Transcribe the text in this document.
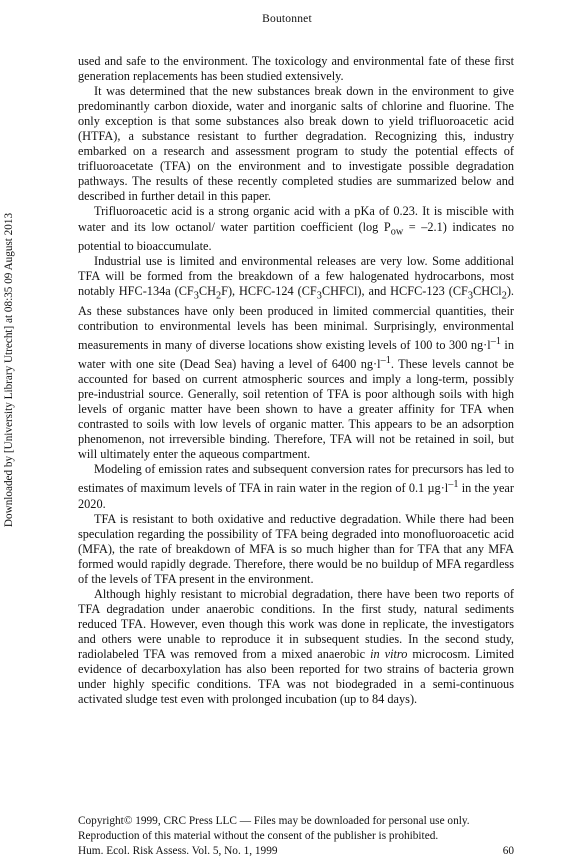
Boutonnet
Downloaded by [University Library Utrecht] at 08:35 09 August 2013

used and safe to the environment. The toxicology and environmental fate of these first generation replacements has been studied extensively.

It was determined that the new substances break down in the environment to give predominantly carbon dioxide, water and inorganic salts of chlorine and fluorine. The only exception is that some substances also break down to yield trifluoroacetic acid (HTFA), a substance resistant to further degradation. Recognizing this, industry embarked on a research and assessment program to study the potential effects of trifluoroacetate (TFA) on the environment and to investigate possible degradation pathways. The results of these recently completed studies are summarized below and described in further detail in this paper.

Trifluoroacetic acid is a strong organic acid with a pKa of 0.23. It is miscible with water and its low octanol/ water partition coefficient (log $P_{ow} = -2.1$) indicates no potential to bioaccumulate.

Industrial use is limited and environmental releases are very low. Some additional TFA will be formed from the breakdown of a few halogenated hydrocarbons, most notably HFC-134a $(CF_3CH_2F)$, HCFC-124 $(CF_3CHFCl)$, and HCFC-123 $(CF_3CHCl_2)$. As these substances have only been produced in limited commercial quantities, their contribution to environmental levels has been minimal. Surprisingly, environmental measurements in many of diverse locations show existing levels of 100 to 300 $ng\cdot l^{-1}$ in water with one site (Dead Sea) having a level of 6400 $ng\cdot l^{-1}$. These levels cannot be accounted for based on current atmospheric sources and imply a long-term, possibly pre-industrial source. Generally, soil retention of TFA is poor although soils with high levels of organic matter have been shown to have a greater affinity for TFA when contrasted to soils with low levels of organic matter. This appears to be an adsorption phenomenon, not irreversible binding. Therefore, TFA will not be retained in soil, but will ultimately enter the aqueous compartment.

Modeling of emission rates and subsequent conversion rates for precursors has led to estimates of maximum levels of TFA in rain water in the region of 0.1 $\mu g\cdot l^{-1}$ in the year 2020.

TFA is resistant to both oxidative and reductive degradation. While there had been speculation regarding the possibility of TFA being degraded into monofluoroacetic acid (MFA), the rate of breakdown of MFA is so much higher than for TFA that any MFA formed would rapidly degrade. Therefore, there would be no buildup of MFA regardless of the levels of TFA present in the environment.

Although highly resistant to microbial degradation, there have been two reports of TFA degradation under anaerobic conditions. In the first study, natural sediments reduced TFA. However, even though this work was done in replicate, the investigators and others were unable to reproduce it in subsequent studies. In the second study, radiolabeled TFA was removed from a mixed anaerobic in vitro microcosm. Limited evidence of decarboxylation has also been reported for two strains of bacteria grown under highly specific conditions. TFA was not biodegraded in a semi-continuous activated sludge test even with prolonged incubation (up to 84 days).

Copyright© 1999, CRC Press LLC — Files may be downloaded for personal use only.
Reproduction of this material without the consent of the publisher is prohibited.
Hum. Ecol. Risk Assess. Vol. 5, No. 1, 1999	60
